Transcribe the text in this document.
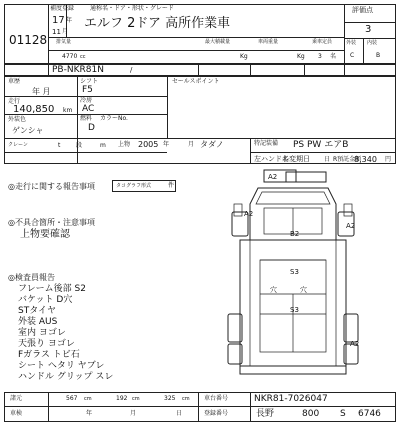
補度登録	通称名・ドア・形状・グレード
01128
17 年
11 月
エルフ 2ドア 高所作業車
評価点
3
外装
C
内装
B
排気量	最大積載量	車両重量	乗車定員
4770 cc	Kg	Kg 3 名
PB-NKR81N	/
車歴
年 月
走行
140,850 km
外装色
ゲンシャ
クレーン	t	段	m 上物 2005 年	月 タダノ
シフト
F5
冷房
AC
燃料
D
カラーNo.
セールスポイント
特記装備 PS PW エアB
左ハンドル
名変期日 日 R預託金額
8,340 円
◎走行に関する報告事項	タコグラフ形式	件
◎不具合箇所・注意事項
上物要確認
◎検査員報告
フレーム後部 S2
バケット D穴
STタイヤ
外装 AUS
室内 ヨゴレ
天張り ヨゴレ
Fガラス トビ石
シート ヘタリ ヤブレ
ハンドル グリップ スレ
A2
A2
A2
B2
S3
S3
A2
穴	穴
諸元	567 cm	192 cm	325 cm 車台番号	NKR81-7026047
車検	年	月	日	登録番号	長野	800 S 6746
